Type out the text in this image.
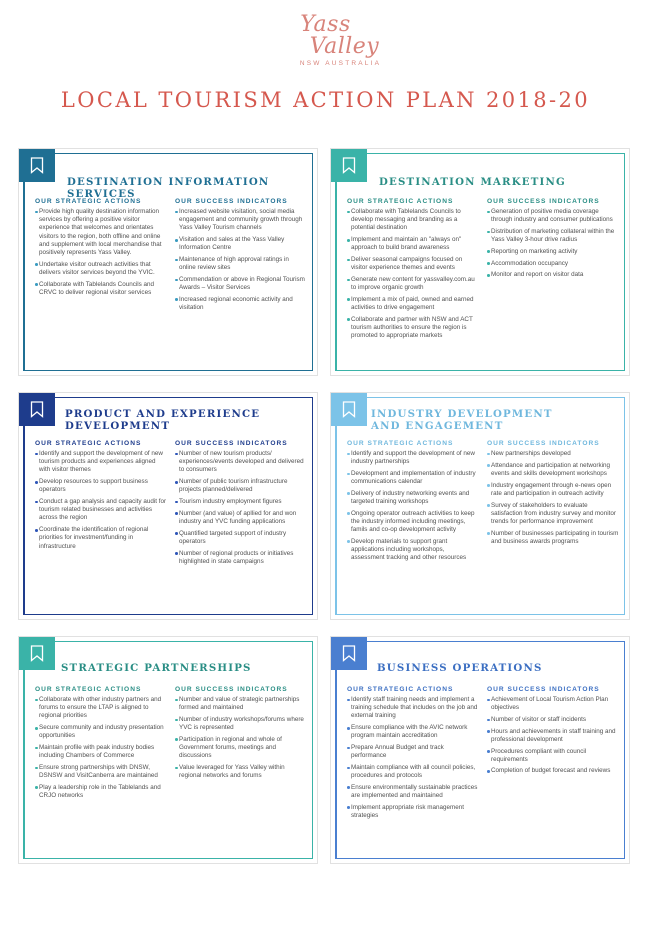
Yass
Valley
NSW AUSTRALIA
LOCAL TOURISM ACTION PLAN 2018-20
DESTINATION INFORMATION SERVICES
OUR STRATEGIC ACTIONS
Provide high quality destination information services by offering a positive visitor experience that welcomes and orientates visitors to the region, both offline and online and supplement with local merchandise that positively represents Yass Valley.
Undertake visitor outreach activities that delivers visitor services beyond the YVIC.
Collaborate with Tablelands Councils and CRVC to deliver regional visitor services
OUR SUCCESS INDICATORS
Increased website visitation, social media engagement and community growth through Yass Valley Tourism channels
Visitation and sales at the Yass Valley Information Centre
Maintenance of high approval ratings in online review sites
Commendation or above in Regional Tourism Awards – Visitor Services
Increased regional economic activity and visitation
DESTINATION MARKETING
OUR STRATEGIC ACTIONS
Collaborate with Tablelands Councils to develop messaging and branding as a potential destination
Implement and maintain an "always on" approach to build brand awareness
Deliver seasonal campaigns focused on visitor experience themes and events
Generate new content for yassvalley.com.au to improve organic growth
Implement a mix of paid, owned and earned activities to drive engagement
Collaborate and partner with NSW and ACT tourism authorities to ensure the region is promoted to appropriate markets
OUR SUCCESS INDICATORS
Generation of positive media coverage through industry and consumer publications
Distribution of marketing collateral within the Yass Valley 3-hour drive radius
Reporting on marketing activity
Accommodation occupancy
Monitor and report on visitor data
PRODUCT AND EXPERIENCE DEVELOPMENT
OUR STRATEGIC ACTIONS
Identify and support the development of new tourism products and experiences aligned with visitor themes
Develop resources to support business operators
Conduct a gap analysis and capacity audit for tourism related businesses and activities across the region
Coordinate the identification of regional priorities for investment/funding in infrastructure
OUR SUCCESS INDICATORS
Number of new tourism products/ experiences/events developed and delivered to consumers
Number of public tourism infrastructure projects planned/delivered
Tourism industry employment figures
Number (and value) of apllied for and won industry and YVC funding applications
Quantified targeted support of industry operators
Number of regional products or initiatives highlighted in state campaigns
INDUSTRY DEVELOPMENT AND ENGAGEMENT
OUR STRATEGIC ACTIONS
Identify and support the development of new industry partnerships
Development and implementation of industry communications calendar
Delivery of industry networking events and targeted training workshops
Ongoing operator outreach activities to keep the industry informed including meetings, famils and co-op development activity
Develop materials to support grant applications including workshops, assessment tracking and other resources
OUR SUCCESS INDICATORS
New partnerships developed
Attendance and participation at networking events and skills development workshops
Industry engagement through e-news open rate and participation in outreach activity
Survey of stakeholders to evaluate satisfaction from industry survey and monitor trends for performance improvement
Number of businesses participating in tourism and business awards programs
STRATEGIC PARTNERSHIPS
OUR STRATEGIC ACTIONS
Collaborate with other industry partners and forums to ensure the LTAP is aligned to regional priorities
Secure community and industry presentation opportunities
Maintain profile with peak industry bodies including Chambers of Commerce
Ensure strong partnerships with DNSW, DSNSW and VisitCanberra are maintained
Play a leadership role in the Tablelands and CRJO networks
OUR SUCCESS INDICATORS
Number and value of strategic partnerships formed and maintained
Number of industry workshops/forums where YVC is represented
Participation in regional and whole of Government forums, meetings and discussions
Value leveraged for Yass Valley within regional networks and forums
BUSINESS OPERATIONS
OUR STRATEGIC ACTIONS
Identify staff training needs and implement a training schedule that includes on the job and external training
Ensure compliance with the AVIC network program maintain accreditation
Prepare Annual Budget and track performance
Maintain compliance with all council policies, procedures and protocols
Ensure environmentally sustainable practices are implemented and maintained
Implement appropriate risk management strategies
OUR SUCCESS INDICATORS
Achievement of Local Tourism Action Plan objectives
Number of visitor or staff incidents
Hours and achievements in staff training and professional development
Procedures compliant with council requirements
Completion of budget forecast and reviews
